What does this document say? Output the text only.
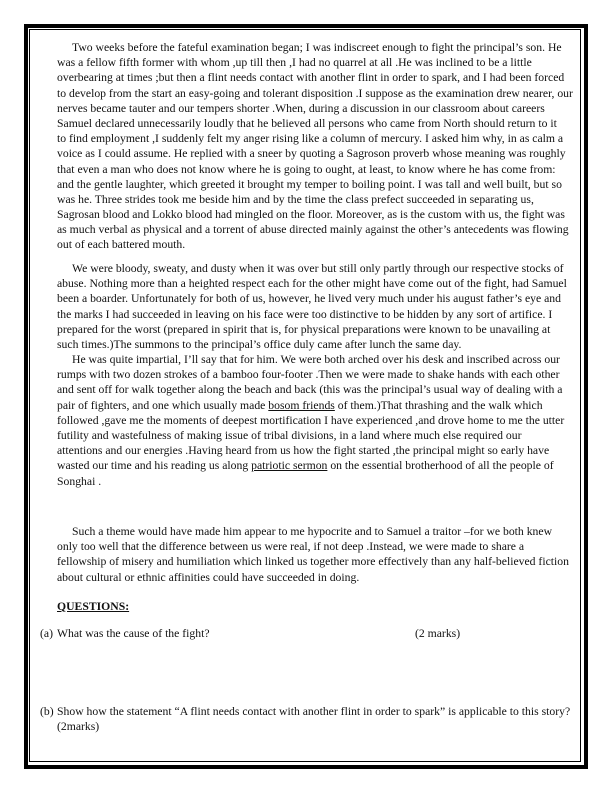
Two weeks before the fateful examination began; I was indiscreet enough to fight the principal’s son. He
was a fellow fifth former with whom ,up till then ,I had no quarrel at all .He was inclined to be a little
overbearing at times ;but then a flint needs contact with another flint in order to spark, and I had been forced
to develop from the start an easy-going and tolerant disposition .I suppose as the examination drew nearer, our
nerves became tauter and our tempers shorter .When, during a discussion in our classroom about careers
Samuel declared unnecessarily loudly that he believed all persons who came from North should return to it
to find employment ,I suddenly felt my anger rising like a column of mercury. I asked him why, in as calm a
voice as I could assume. He replied with a sneer by quoting a Sagroson proverb whose meaning was roughly
that even a man who does not know where he is going to ought, at least, to know where he has come from:
and the gentle laughter, which greeted it brought my temper to boiling point. I was tall and well built, but so
was he. Three strides took me beside him and by the time the class prefect succeeded in separating us,
Sagrosan blood and Lokko blood had mingled on the floor. Moreover, as is the custom with us, the fight was
as much verbal as physical and a torrent of abuse directed mainly against the other’s antecedents was flowing
out of each battered mouth.
We were bloody, sweaty, and dusty when it was over but still only partly through our respective stocks of
abuse. Nothing more than a heighted respect each for the other might have come out of the fight, had Samuel
been a boarder. Unfortunately for both of us, however, he lived very much under his august father’s eye and
the marks I had succeeded in leaving on his face were too distinctive to be hidden by any sort of artifice. I
prepared for the worst (prepared in spirit that is, for physical preparations were known to be unavailing at
such times.)The summons to the principal’s office duly came after lunch the same day.
He was quite impartial, I’ll say that for him. We were both arched over his desk and inscribed across our
rumps with two dozen strokes of a bamboo four-footer .Then we were made to shake hands with each other
and sent off for walk together along the beach and back (this was the principal’s usual way of dealing with a
pair of fighters, and one which usually made bosom friends of them.)That thrashing and the walk which
followed ,gave me the moments of deepest mortification I have experienced ,and drove home to me the utter
futility and wastefulness of making issue of tribal divisions, in a land where much else required our
attentions and our energies .Having heard from us how the fight started ,the principal might so early have
wasted our time and his reading us along patriotic sermon on the essential brotherhood of all the people of
Songhai .
Such a theme would have made him appear to me hypocrite and to Samuel a traitor –for we both knew
only too well that the difference between us were real, if not deep .Instead, we were made to share a
fellowship of misery and humiliation which linked us together more effectively than any half-believed fiction
about cultural or ethnic affinities could have succeeded in doing.
QUESTIONS:
(a) What was the cause of the fight?	(2 marks)
(b) Show how the statement “A flint needs contact with another flint in order to spark” is applicable to this story?
(2marks)
